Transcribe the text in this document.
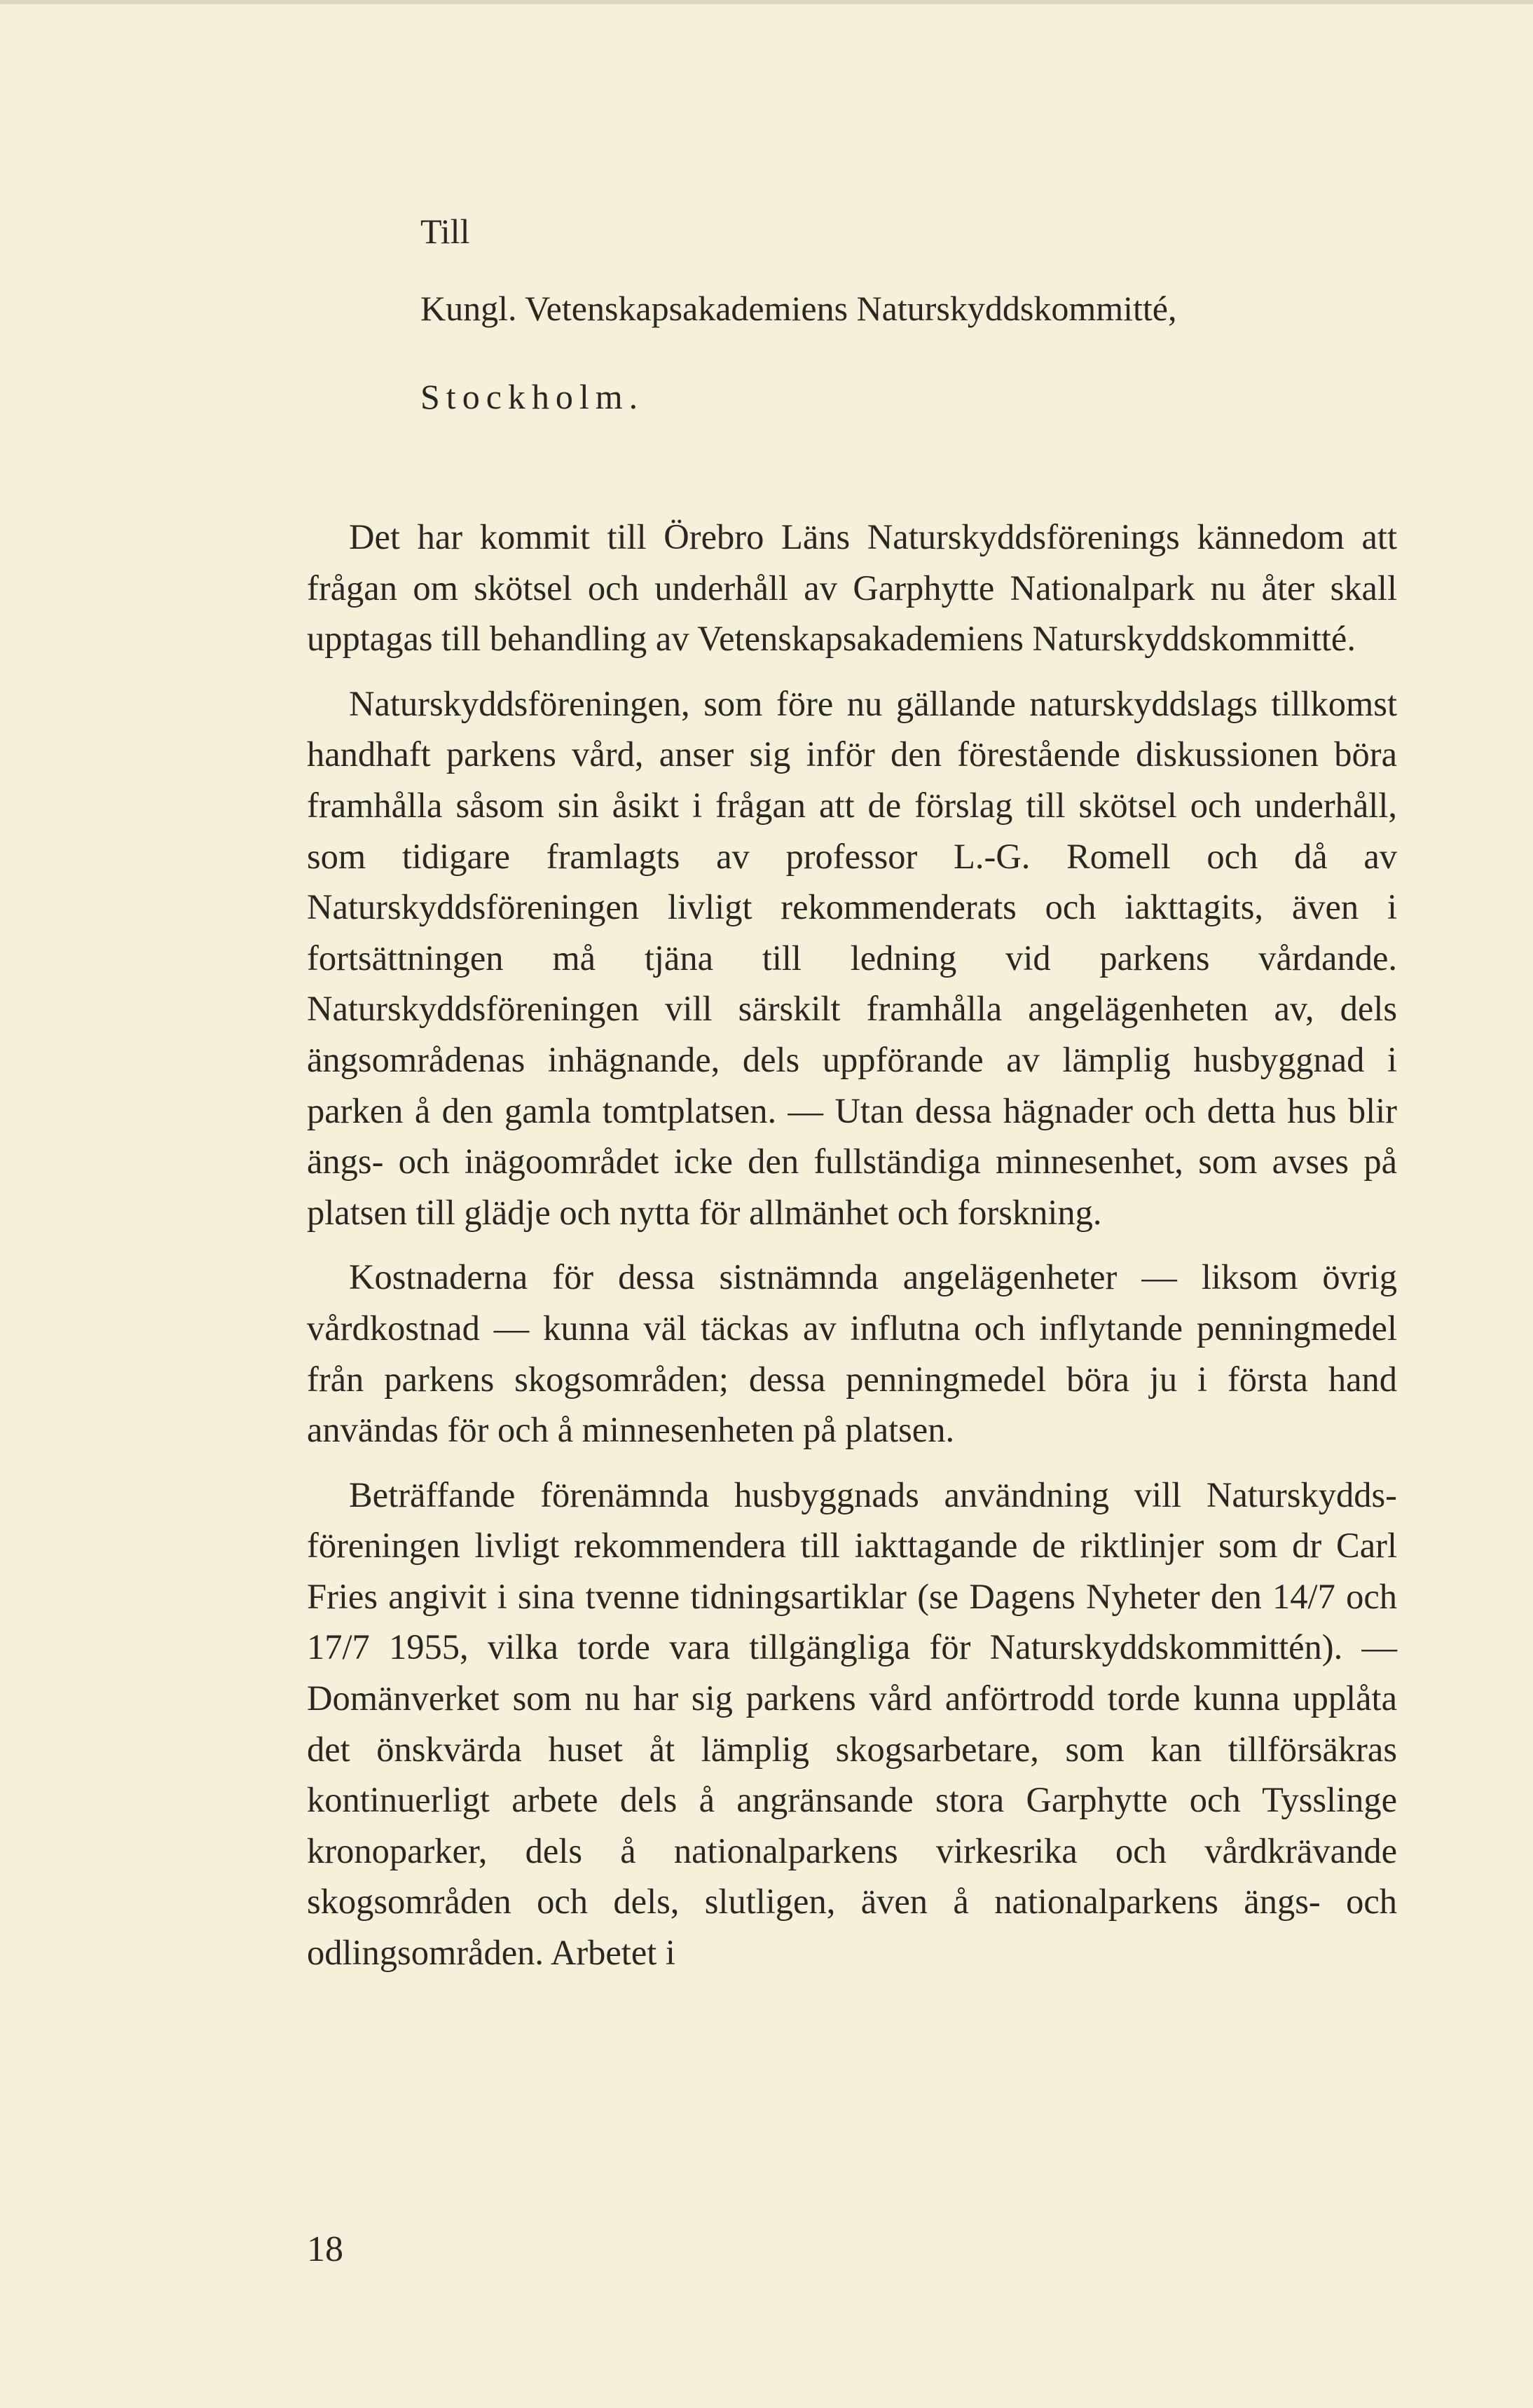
Till
Kungl. Vetenskapsakademiens Naturskyddskommitté,
Stockholm.

Det har kommit till Örebro Läns Naturskyddsförenings kännedom att frågan om skötsel och underhåll av Garphytte Nationalpark nu åter skall upptagas till behandling av Vetenskapsakademiens Naturskyddskommitté.

Naturskyddsföreningen, som före nu gällande naturskyddslags tillkomst handhaft parkens vård, anser sig inför den förestående diskussionen böra framhålla såsom sin åsikt i frågan att de förslag till skötsel och underhåll, som tidigare framlagts av professor L.-G. Romell och då av Naturskyddsföreningen livligt rekommenderats och iakttagits, även i fortsättningen må tjäna till ledning vid parkens vårdande. Naturskyddsföreningen vill särskilt framhålla angelägenheten av, dels ängsområdenas inhägnande, dels uppförande av lämplig husbyggnad i parken å den gamla tomtplatsen. — Utan dessa hägnader och detta hus blir ängs- och inägoområdet icke den fullständiga minnesenhet, som avses på platsen till glädje och nytta för allmänhet och forskning.

Kostnaderna för dessa sistnämnda angelägenheter — liksom övrig vårdkostnad — kunna väl täckas av influtna och inflytande penningmedel från parkens skogsområden; dessa penningmedel böra ju i första hand användas för och å minnesenheten på platsen.

Beträffande förenämnda husbyggnads användning vill Naturskyddsföreningen livligt rekommendera till iakttagande de riktlinjer som dr Carl Fries angivit i sina tvenne tidningsartiklar (se Dagens Nyheter den 14/7 och 17/7 1955, vilka torde vara tillgängliga för Naturskyddskommittén). — Domänverket som nu har sig parkens vård anförtrodd torde kunna upplåta det önskvärda huset åt lämplig skogsarbetare, som kan tillförsäkras kontinuerligt arbete dels å angränsande stora Garphytte och Tysslinge kronoparker, dels å nationalparkens virkesrika och vårdkrävande skogsområden och dels, slutligen, även å nationalparkens ängs- och odlingsområden. Arbetet i

18
